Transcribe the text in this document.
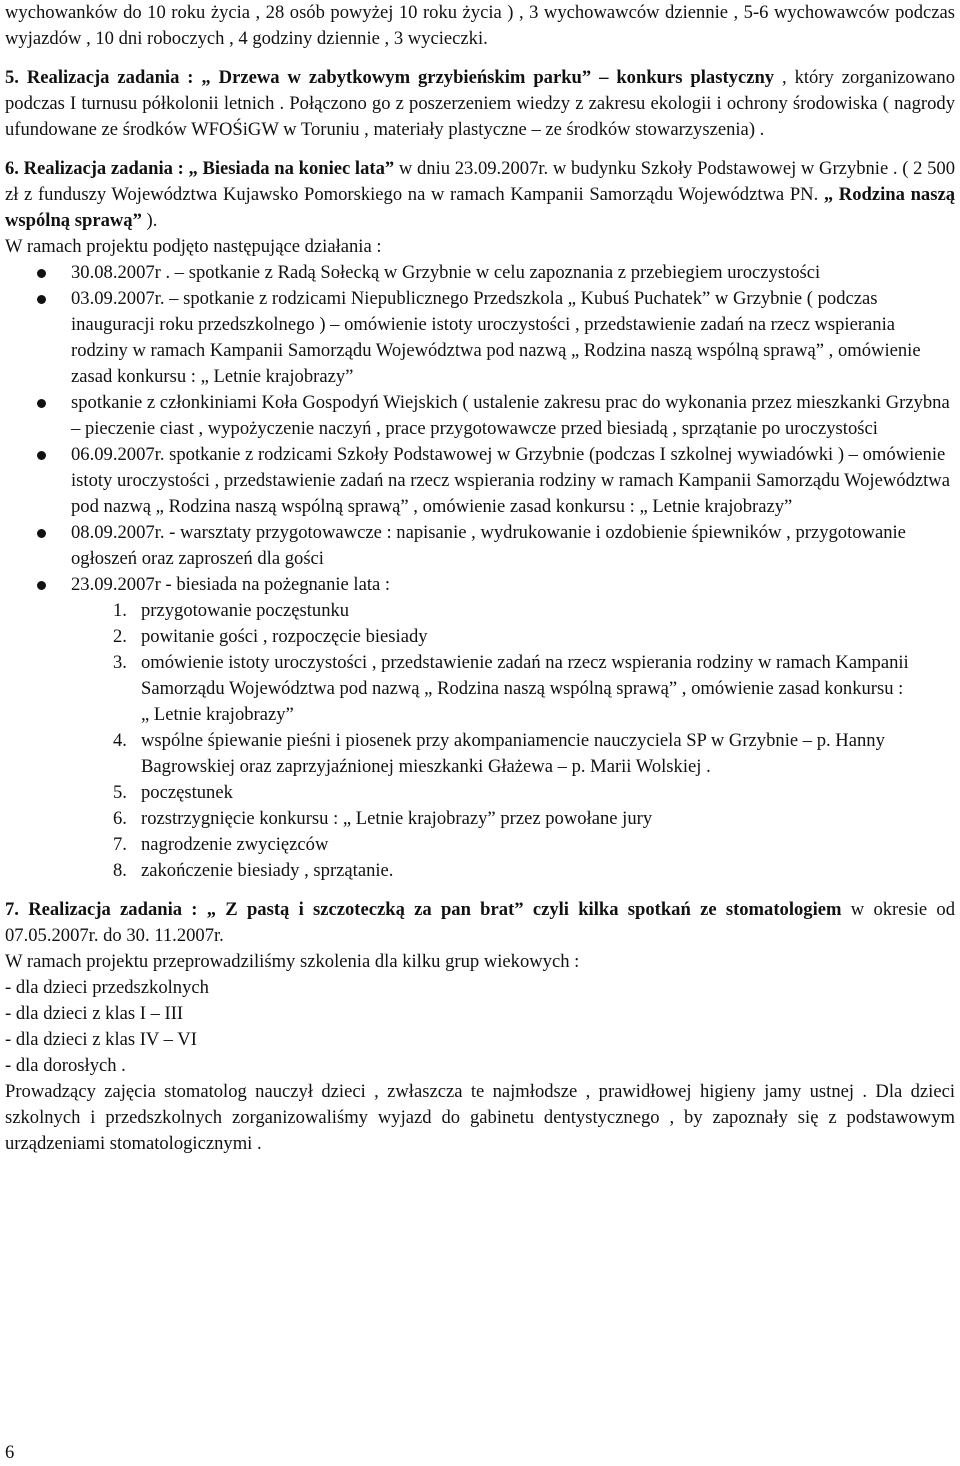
wychowanków do 10 roku życia , 28 osób powyżej 10 roku życia ) , 3 wychowawców dziennie , 5-6 wychowawców podczas wyjazdów , 10 dni roboczych , 4 godziny dziennie , 3 wycieczki.

5. Realizacja zadania : „ Drzewa w zabytkowym grzybieńskim parku” – konkurs plastyczny , który zorganizowano podczas I turnusu półkolonii letnich . Połączono go z poszerzeniem wiedzy z zakresu ekologii i ochrony środowiska ( nagrody ufundowane ze środków WFOŚiGW w Toruniu , materiały plastyczne – ze środków stowarzyszenia) .

6. Realizacja zadania : „ Biesiada na koniec lata” w dniu 23.09.2007r. w budynku Szkoły Podstawowej w Grzybnie . ( 2 500 zł z funduszy Województwa Kujawsko Pomorskiego na w ramach Kampanii Samorządu Województwa PN. „ Rodzina naszą wspólną sprawą” ).

W ramach projektu podjęto następujące działania :

30.08.2007r . – spotkanie z Radą Sołecką w Grzybnie w celu zapoznania z przebiegiem uroczystości
03.09.2007r. – spotkanie z rodzicami Niepublicznego Przedszkola „ Kubuś Puchatek” w Grzybnie ( podczas inauguracji roku przedszkolnego ) – omówienie istoty uroczystości , przedstawienie zadań na rzecz wspierania rodziny w ramach Kampanii Samorządu Województwa pod nazwą „ Rodzina naszą wspólną sprawą” , omówienie zasad konkursu : „ Letnie krajobrazy”
spotkanie z członkiniami Koła Gospodyń Wiejskich ( ustalenie zakresu prac do wykonania przez mieszkanki Grzybna – pieczenie ciast , wypożyczenie naczyń , prace przygotowawcze przed biesiadą , sprzątanie po uroczystości
06.09.2007r. spotkanie z rodzicami Szkoły Podstawowej w Grzybnie (podczas I szkolnej wywiadówki ) – omówienie istoty uroczystości , przedstawienie zadań na rzecz wspierania rodziny w ramach Kampanii Samorządu Województwa pod nazwą „ Rodzina naszą wspólną sprawą” , omówienie zasad konkursu : „ Letnie krajobrazy”
08.09.2007r. - warsztaty przygotowawcze : napisanie , wydrukowanie i ozdobienie śpiewników , przygotowanie ogłoszeń oraz zaproszeń dla gości
23.09.2007r - biesiada na pożegnanie lata :
1. przygotowanie poczęstunku
2. powitanie gości , rozpoczęcie biesiady
3. omówienie istoty uroczystości , przedstawienie zadań na rzecz wspierania rodziny w ramach Kampanii Samorządu Województwa pod nazwą „ Rodzina naszą wspólną sprawą” , omówienie zasad konkursu :
„ Letnie krajobrazy”
4. wspólne śpiewanie pieśni i piosenek przy akompaniamencie nauczyciela SP w Grzybnie – p. Hanny Bagrowskiej oraz zaprzyjaźnionej mieszkanki Głażewa – p. Marii Wolskiej .
5. poczęstunek
6. rozstrzygnięcie konkursu : „ Letnie krajobrazy” przez powołane jury
7. nagrodzenie zwycięzców
8. zakończenie biesiady , sprzątanie.

7. Realizacja zadania : „ Z pastą i szczoteczką za pan brat” czyli kilka spotkań ze stomatologiem w okresie od 07.05.2007r. do 30. 11.2007r.

W ramach projektu przeprowadziliśmy szkolenia dla kilku grup wiekowych :

- dla dzieci przedszkolnych

- dla dzieci z klas I – III

- dla dzieci z klas IV – VI

- dla dorosłych .

Prowadzący zajęcia stomatolog nauczył dzieci , zwłaszcza te najmłodsze , prawidłowej higieny jamy ustnej . Dla dzieci szkolnych i przedszkolnych zorganizowaliśmy wyjazd do gabinetu dentystycznego , by zapoznały się z podstawowym urządzeniami stomatologicznymi .

6
